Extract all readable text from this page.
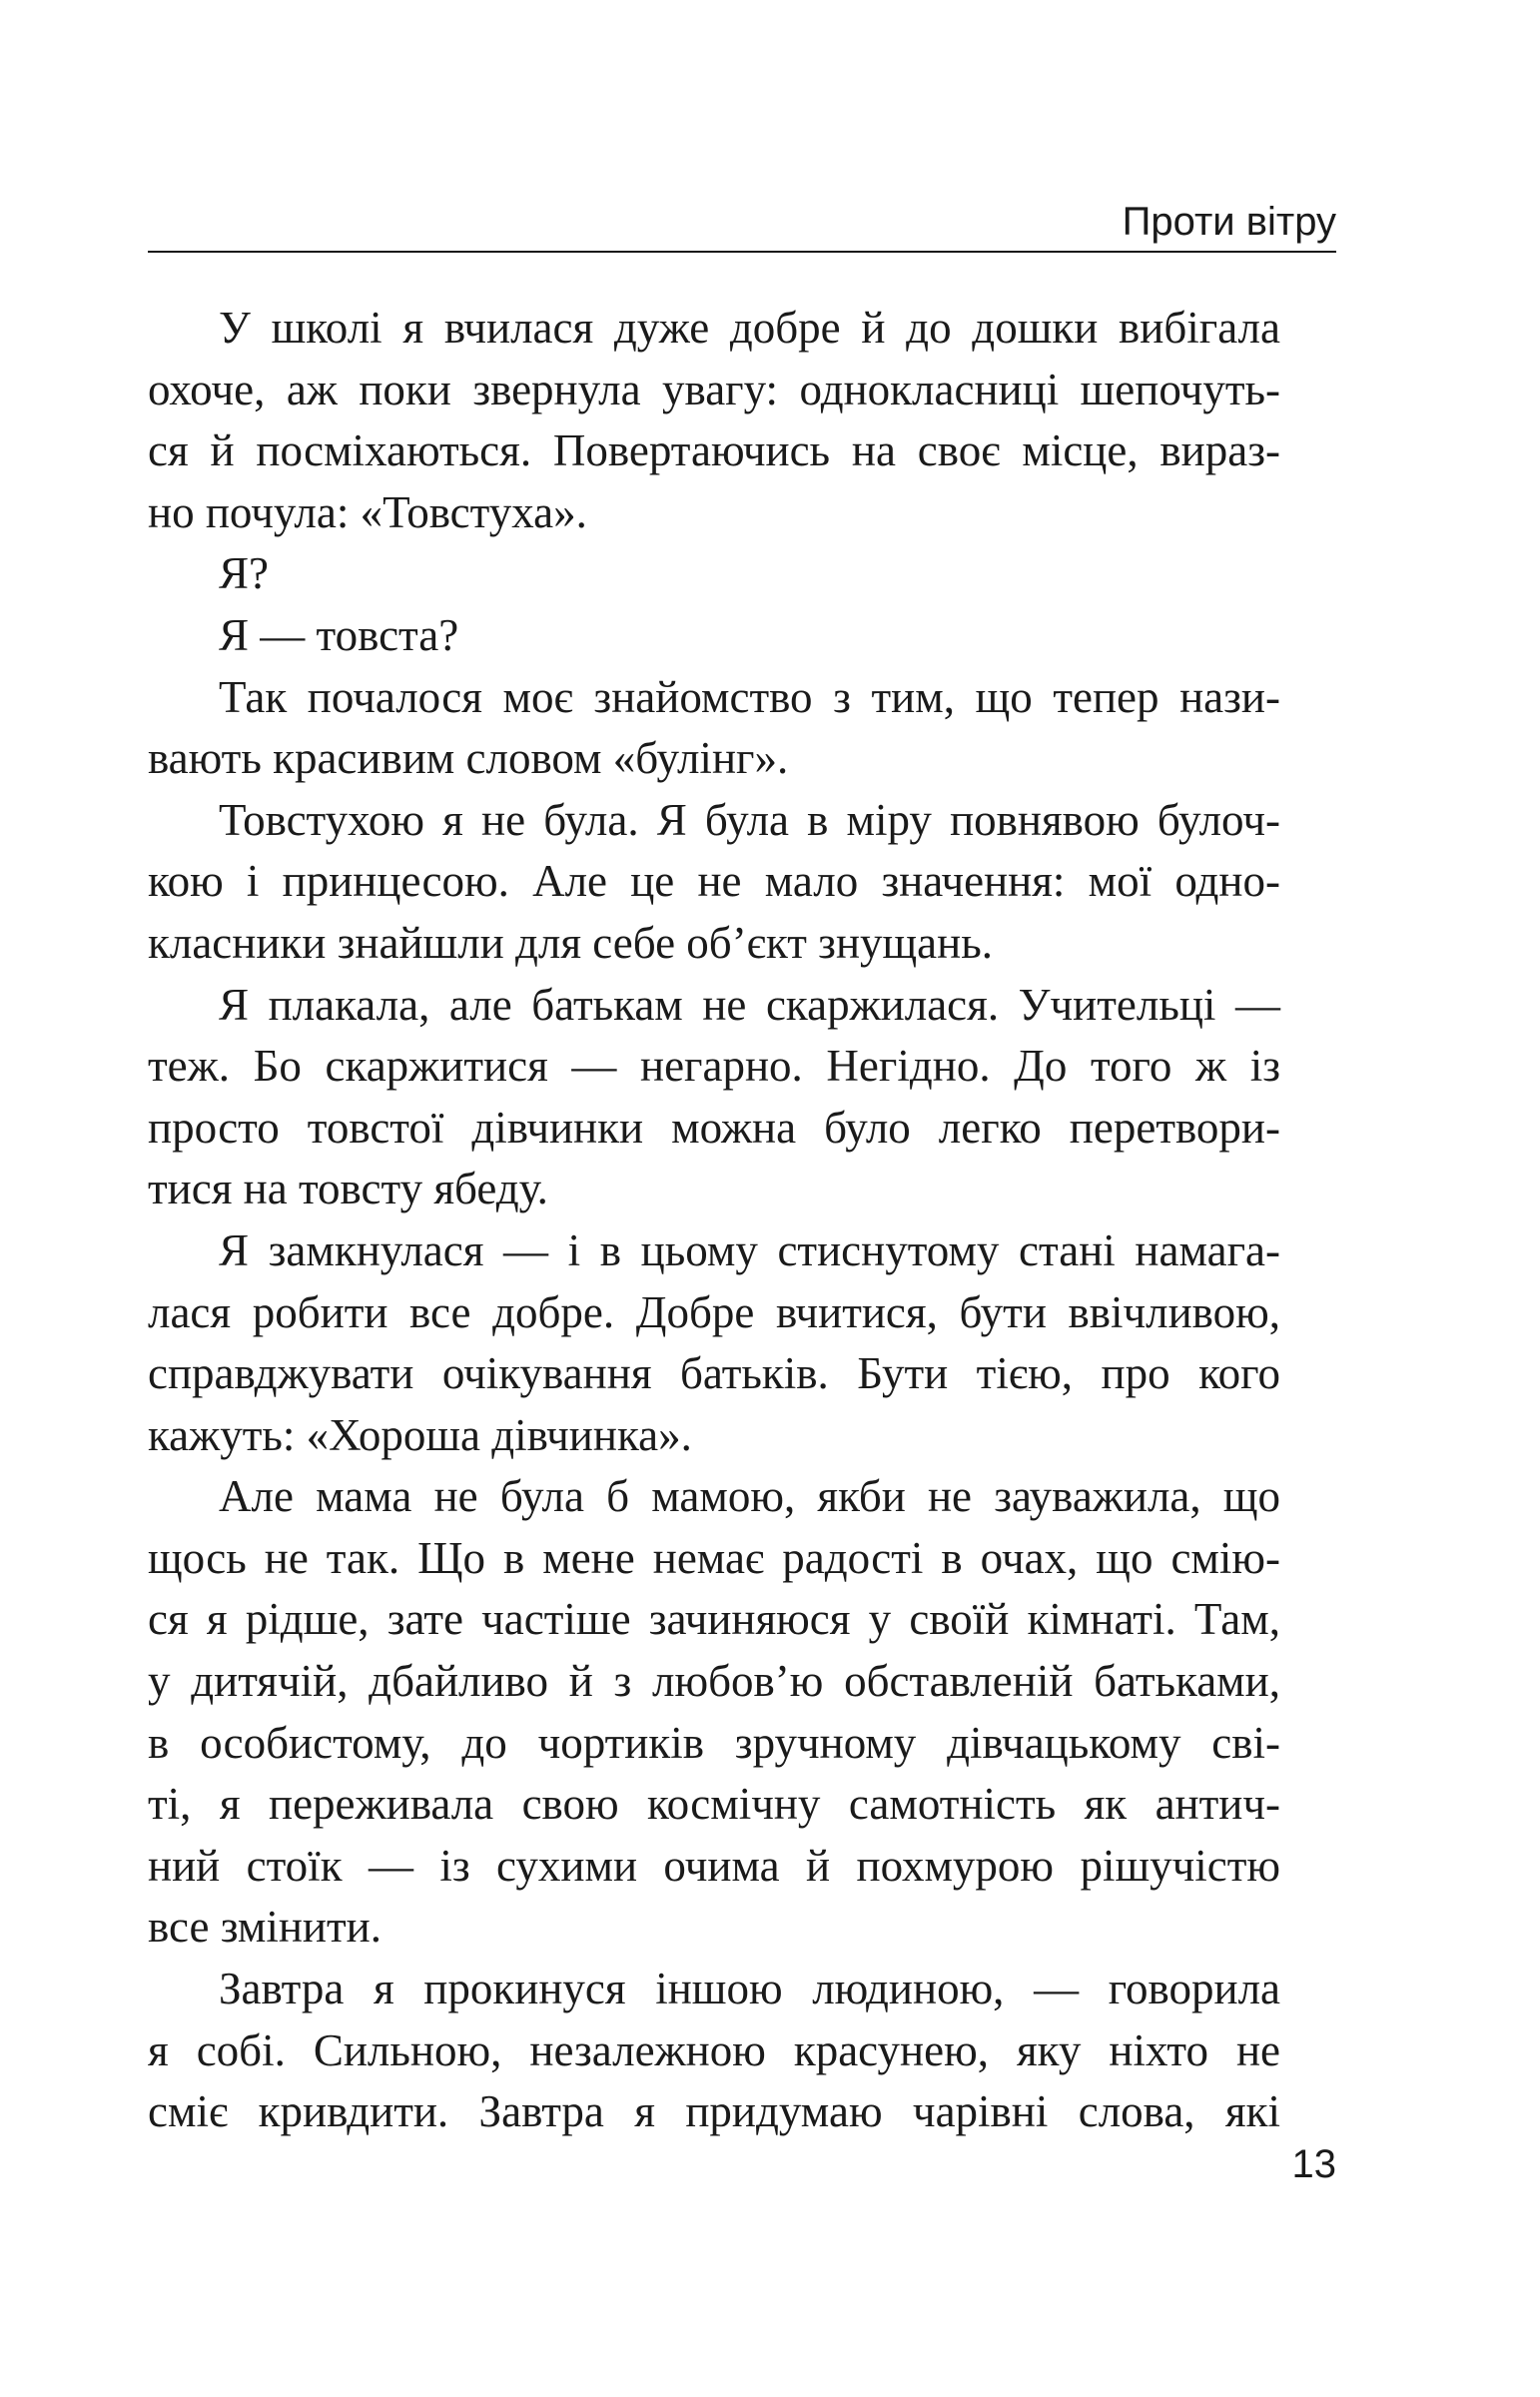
Проти вітру

У школі я вчилася дуже добре й до дошки вибігала
охоче, аж поки звернула увагу: однокласниці шепочуть-
ся й посміхаються. Повертаючись на своє місце, вираз-
но почула: «Товстуха».

Я?

Я — товста?

Так почалося моє знайомство з тим, що тепер нази-
вають красивим словом «булінг».

Товстухою я не була. Я була в міру повнявою булоч-
кою і принцесою. Але це не мало значення: мої одно-
класники знайшли для себе об’єкт знущань.

Я плакала, але батькам не скаржилася. Учительці —
теж. Бо скаржитися — негарно. Негідно. До того ж із
просто товстої дівчинки можна було легко перетвори-
тися на товсту ябеду.

Я замкнулася — і в цьому стиснутому стані намага-
лася робити все добре. Добре вчитися, бути ввічливою,
справджувати очікування батьків. Бути тією, про кого
кажуть: «Хороша дівчинка».

Але мама не була б мамою, якби не зауважила, що
щось не так. Що в мене немає радості в очах, що смію-
ся я рідше, зате частіше зачиняюся у своїй кімнаті. Там,
у дитячій, дбайливо й з любов’ю обставленій батьками,
в особистому, до чортиків зручному дівчацькому сві-
ті, я переживала свою космічну самотність як антич-
ний стоїк — із сухими очима й похмурою рішучістю
все змінити.

Завтра я прокинуся іншою людиною, — говорила
я собі. Сильною, незалежною красунею, яку ніхто не
сміє кривдити. Завтра я придумаю чарівні слова, які

13
